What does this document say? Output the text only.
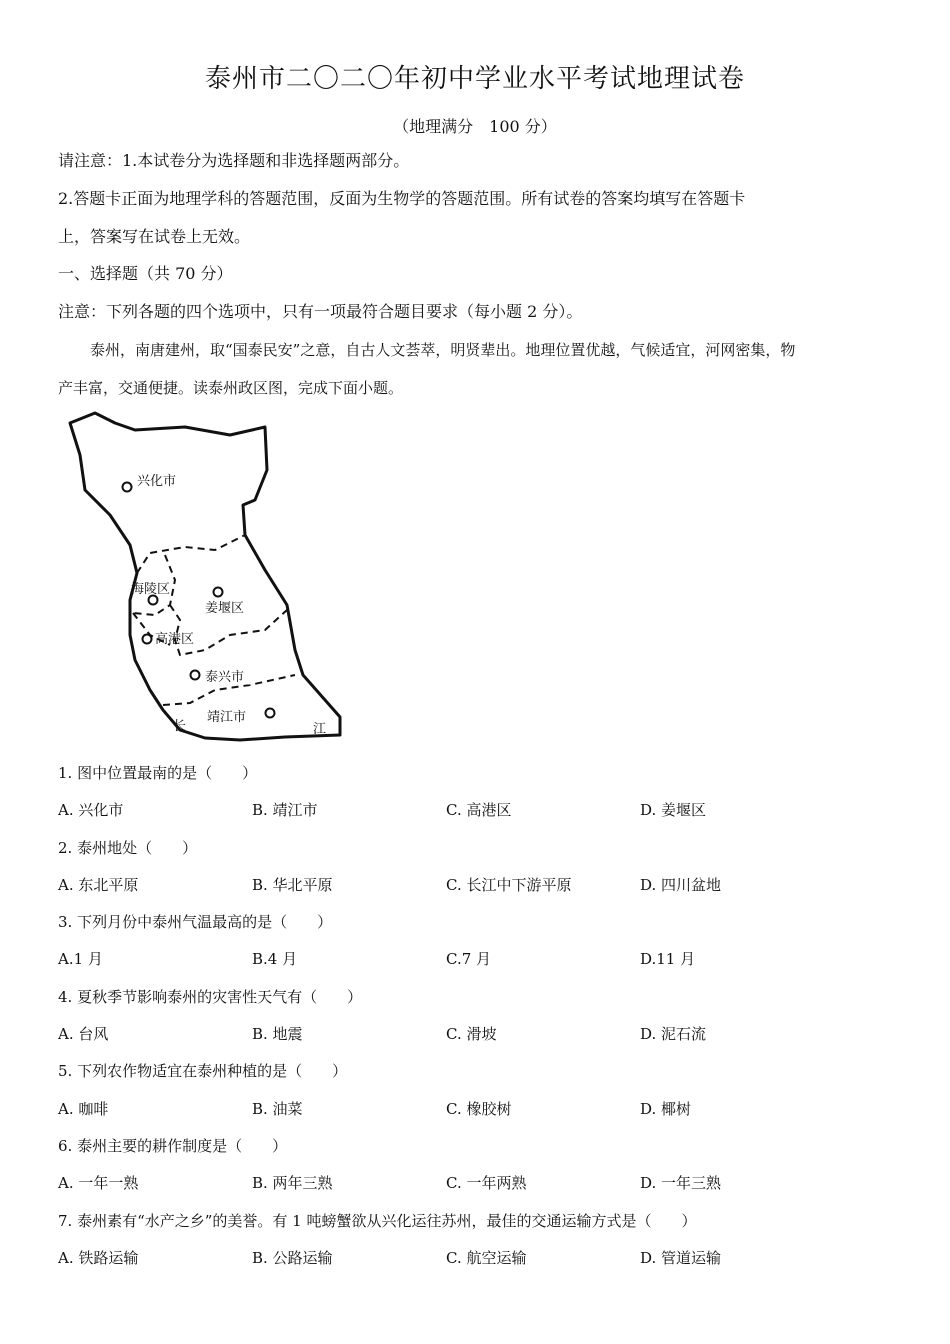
泰州市二〇二〇年初中学业水平考试地理试卷
（地理满分　100 分）
请注意：1.本试卷分为选择题和非选择题两部分。
2.答题卡正面为地理学科的答题范围，反面为生物学的答题范围。所有试卷的答案均填写在答题卡
上，答案写在试卷上无效。
一、选择题（共 70 分）
注意：下列各题的四个选项中，只有一项最符合题目要求（每小题 2 分）。
泰州，南唐建州，取“国泰民安”之意，自古人文荟萃，明贤辈出。地理位置优越，气候适宜，河网密集，物
产丰富，交通便捷。读泰州政区图，完成下面小题。
兴化市
海陵区
姜堰区
高港区
泰兴市
靖江市
长	江
1. 图中位置最南的是（　　）
A. 兴化市	B. 靖江市	C. 高港区	D. 姜堰区
2. 泰州地处（　　）
A. 东北平原	B. 华北平原	C. 长江中下游平原	D. 四川盆地
3. 下列月份中泰州气温最高的是（　　）
A.1 月	B.4 月	C.7 月	D.11 月
4. 夏秋季节影响泰州的灾害性天气有（　　）
A. 台风	B. 地震	C. 滑坡	D. 泥石流
5. 下列农作物适宜在泰州种植的是（　　）
A. 咖啡	B. 油菜	C. 橡胶树	D. 椰树
6. 泰州主要的耕作制度是（　　）
A. 一年一熟	B. 两年三熟	C. 一年两熟	D. 一年三熟
7. 泰州素有“水产之乡”的美誉。有 1 吨螃蟹欲从兴化运往苏州，最佳的交通运输方式是（　　）
A. 铁路运输	B. 公路运输	C. 航空运输	D. 管道运输
